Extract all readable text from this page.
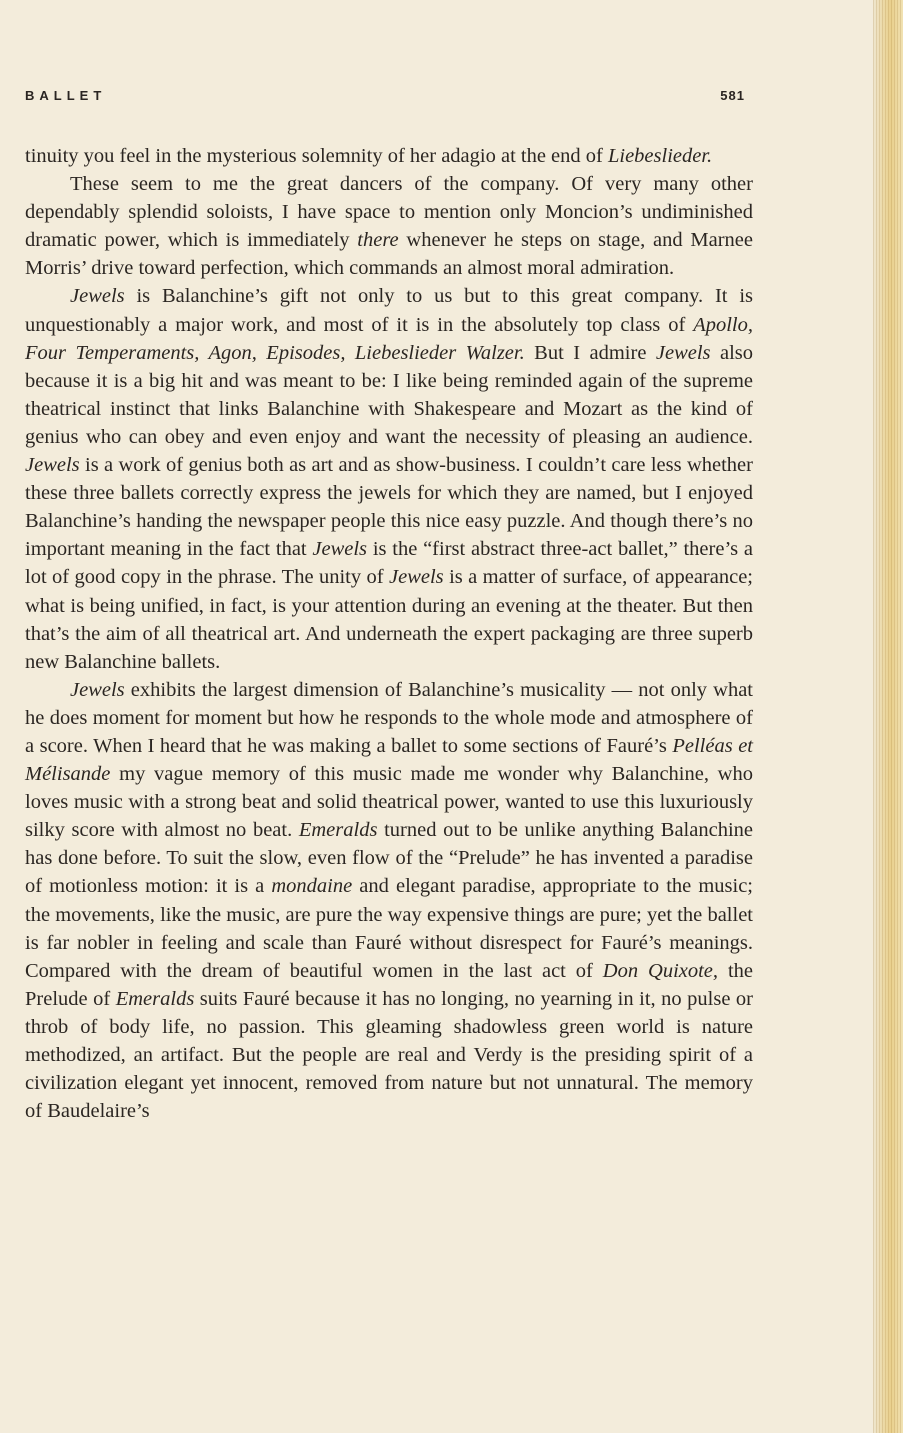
BALLET	581

tinuity you feel in the mysterious solemnity of her adagio at the end of Liebeslieder.

These seem to me the great dancers of the company. Of very many other dependably splendid soloists, I have space to mention only Moncion’s undiminished dramatic power, which is immediately there whenever he steps on stage, and Marnee Morris’ drive toward perfection, which commands an almost moral admiration.

Jewels is Balanchine’s gift not only to us but to this great company. It is unquestionably a major work, and most of it is in the absolutely top class of Apollo, Four Temperaments, Agon, Episodes, Liebeslieder Walzer. But I admire Jewels also because it is a big hit and was meant to be: I like being reminded again of the supreme theatrical instinct that links Balanchine with Shakespeare and Mozart as the kind of genius who can obey and even enjoy and want the necessity of pleasing an audience. Jewels is a work of genius both as art and as show-business. I couldn’t care less whether these three ballets correctly express the jewels for which they are named, but I enjoyed Balanchine’s handing the newspaper people this nice easy puzzle. And though there’s no important meaning in the fact that Jewels is the “first abstract three-act ballet,” there’s a lot of good copy in the phrase. The unity of Jewels is a matter of surface, of appearance; what is being unified, in fact, is your attention during an evening at the theater. But then that’s the aim of all theatrical art. And underneath the expert packaging are three superb new Balanchine ballets.

Jewels exhibits the largest dimension of Balanchine’s musicality — not only what he does moment for moment but how he responds to the whole mode and atmosphere of a score. When I heard that he was making a ballet to some sections of Fauré’s Pelléas et Mélisande my vague memory of this music made me wonder why Balanchine, who loves music with a strong beat and solid theatrical power, wanted to use this luxuriously silky score with almost no beat. Emeralds turned out to be unlike anything Balanchine has done before. To suit the slow, even flow of the “Prelude” he has invented a paradise of motionless motion: it is a mondaine and elegant paradise, appropriate to the music; the movements, like the music, are pure the way expensive things are pure; yet the ballet is far nobler in feeling and scale than Fauré without disrespect for Fauré’s meanings. Compared with the dream of beautiful women in the last act of Don Quixote, the Prelude of Emeralds suits Fauré because it has no longing, no yearning in it, no pulse or throb of body life, no passion. This gleaming shadowless green world is nature methodized, an artifact. But the people are real and Verdy is the presiding spirit of a civilization elegant yet innocent, removed from nature but not unnatural. The memory of Baudelaire’s
